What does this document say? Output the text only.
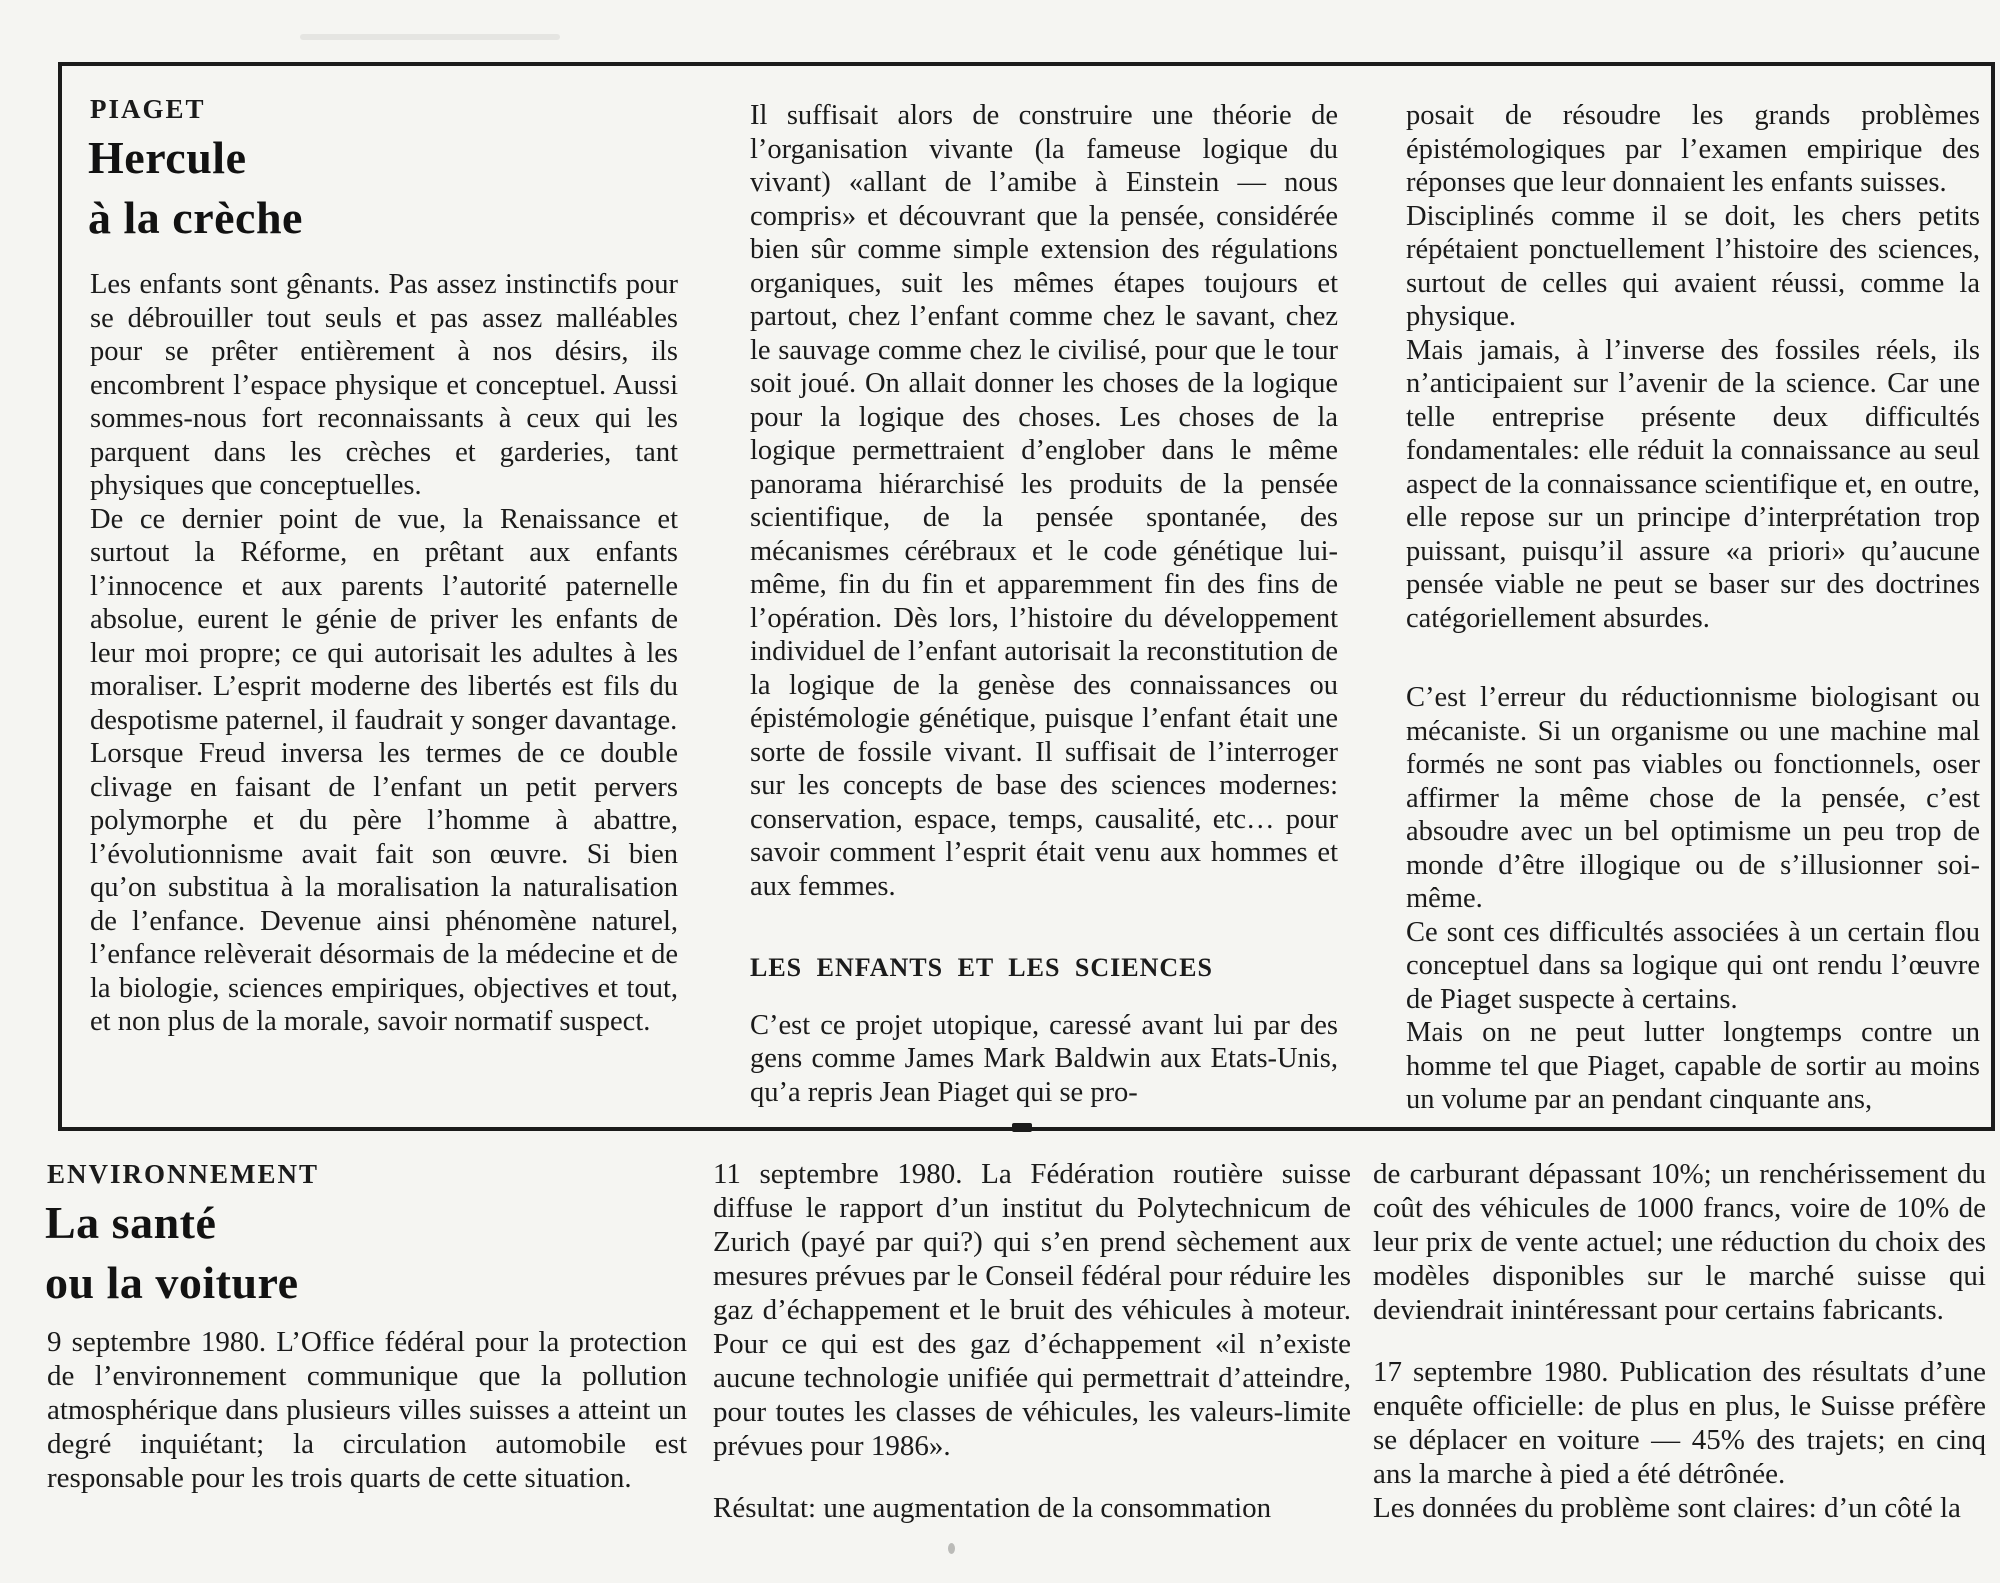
PIAGET
Hercule
à la crèche

Les enfants sont gênants. Pas assez instinctifs pour se débrouiller tout seuls et pas assez malléables pour se prêter entièrement à nos désirs, ils encombrent l’espace physique et conceptuel. Aussi sommes-nous fort reconnaissants à ceux qui les parquent dans les crèches et garderies, tant physiques que conceptuelles.

De ce dernier point de vue, la Renaissance et surtout la Réforme, en prêtant aux enfants l’innocence et aux parents l’autorité paternelle absolue, eurent le génie de priver les enfants de leur moi propre; ce qui autorisait les adultes à les moraliser. L’esprit moderne des libertés est fils du despotisme paternel, il faudrait y songer davantage.

Lorsque Freud inversa les termes de ce double clivage en faisant de l’enfant un petit pervers polymorphe et du père l’homme à abattre, l’évolutionnisme avait fait son œuvre. Si bien qu’on substitua à la moralisation la naturalisation de l’enfance. Devenue ainsi phénomène naturel, l’enfance relèverait désormais de la médecine et de la biologie, sciences empiriques, objectives et tout, et non plus de la morale, savoir normatif suspect.

Il suffisait alors de construire une théorie de l’organisation vivante (la fameuse logique du vivant) «allant de l’amibe à Einstein — nous compris» et découvrant que la pensée, considérée bien sûr comme simple extension des régulations organiques, suit les mêmes étapes toujours et partout, chez l’enfant comme chez le savant, chez le sauvage comme chez le civilisé, pour que le tour soit joué. On allait donner les choses de la logique pour la logique des choses. Les choses de la logique permettraient d’englober dans le même panorama hiérarchisé les produits de la pensée scientifique, de la pensée spontanée, des mécanismes cérébraux et le code génétique lui-même, fin du fin et apparemment fin des fins de l’opération. Dès lors, l’histoire du développement individuel de l’enfant autorisait la reconstitution de la logique de la genèse des connaissances ou épistémologie génétique, puisque l’enfant était une sorte de fossile vivant. Il suffisait de l’interroger sur les concepts de base des sciences modernes: conservation, espace, temps, causalité, etc… pour savoir comment l’esprit était venu aux hommes et aux femmes.

LES ENFANTS ET LES SCIENCES

C’est ce projet utopique, caressé avant lui par des gens comme James Mark Baldwin aux Etats-Unis, qu’a repris Jean Piaget qui se pro-

posait de résoudre les grands problèmes épistémologiques par l’examen empirique des réponses que leur donnaient les enfants suisses.

Disciplinés comme il se doit, les chers petits répétaient ponctuellement l’histoire des sciences, surtout de celles qui avaient réussi, comme la physique.

Mais jamais, à l’inverse des fossiles réels, ils n’anticipaient sur l’avenir de la science. Car une telle entreprise présente deux difficultés fondamentales: elle réduit la connaissance au seul aspect de la connaissance scientifique et, en outre, elle repose sur un principe d’interprétation trop puissant, puisqu’il assure «a priori» qu’aucune pensée viable ne peut se baser sur des doctrines catégoriellement absurdes.

C’est l’erreur du réductionnisme biologisant ou mécaniste. Si un organisme ou une machine mal formés ne sont pas viables ou fonctionnels, oser affirmer la même chose de la pensée, c’est absoudre avec un bel optimisme un peu trop de monde d’être illogique ou de s’illusionner soi-même.

Ce sont ces difficultés associées à un certain flou conceptuel dans sa logique qui ont rendu l’œuvre de Piaget suspecte à certains.

Mais on ne peut lutter longtemps contre un homme tel que Piaget, capable de sortir au moins un volume par an pendant cinquante ans,

ENVIRONNEMENT
La santé
ou la voiture

9 septembre 1980. L’Office fédéral pour la protection de l’environnement communique que la pollution atmosphérique dans plusieurs villes suisses a atteint un degré inquiétant; la circulation automobile est responsable pour les trois quarts de cette situation.

11 septembre 1980. La Fédération routière suisse diffuse le rapport d’un institut du Polytechnicum de Zurich (payé par qui?) qui s’en prend sèchement aux mesures prévues par le Conseil fédéral pour réduire les gaz d’échappement et le bruit des véhicules à moteur. Pour ce qui est des gaz d’échappement «il n’existe aucune technologie unifiée qui permettrait d’atteindre, pour toutes les classes de véhicules, les valeurs-limite prévues pour 1986».

Résultat: une augmentation de la consommation

de carburant dépassant 10%; un renchérissement du coût des véhicules de 1000 francs, voire de 10% de leur prix de vente actuel; une réduction du choix des modèles disponibles sur le marché suisse qui deviendrait inintéressant pour certains fabricants.

17 septembre 1980. Publication des résultats d’une enquête officielle: de plus en plus, le Suisse préfère se déplacer en voiture — 45% des trajets; en cinq ans la marche à pied a été détrônée.

Les données du problème sont claires: d’un côté la
